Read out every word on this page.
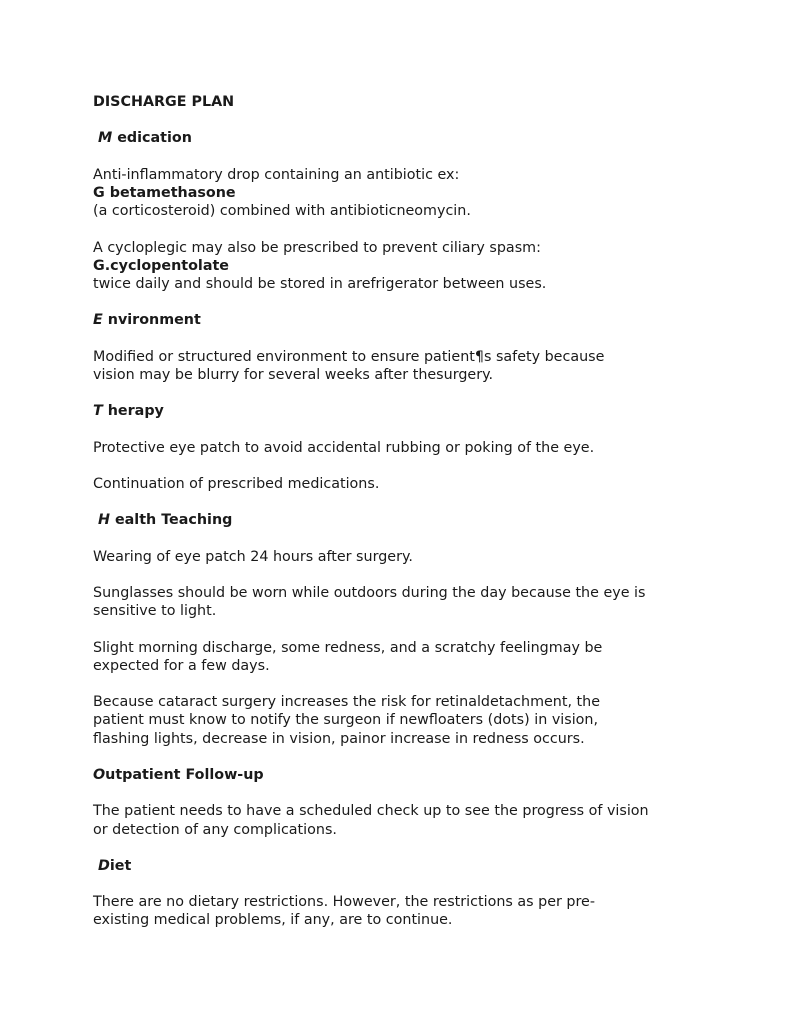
DISCHARGE PLAN
M edication
Anti-inflammatory drop containing an antibiotic ex:
G betamethasone
(a corticosteroid) combined with antibioticneomycin.
A cycloplegic may also be prescribed to prevent ciliary spasm:
G.cyclopentolate
twice daily and should be stored in arefrigerator between uses.
E nvironment
Modified or structured environment to ensure patient¶s safety because
vision may be blurry for several weeks after thesurgery.
T herapy
Protective eye patch to avoid accidental rubbing or poking of the eye.
Continuation of prescribed medications.
H ealth Teaching
Wearing of eye patch 24 hours after surgery.
Sunglasses should be worn while outdoors during the day because the eye is
sensitive to light.
Slight morning discharge, some redness, and a scratchy feelingmay be
expected for a few days.
Because cataract surgery increases the risk for retinaldetachment, the
patient must know to notify the surgeon if newfloaters (dots) in vision,
flashing lights, decrease in vision, painor increase in redness occurs.
Outpatient Follow-up
The patient needs to have a scheduled check up to see the progress of vision
or detection of any complications.
Diet
There are no dietary restrictions. However, the restrictions as per pre-
existing medical problems, if any, are to continue.
